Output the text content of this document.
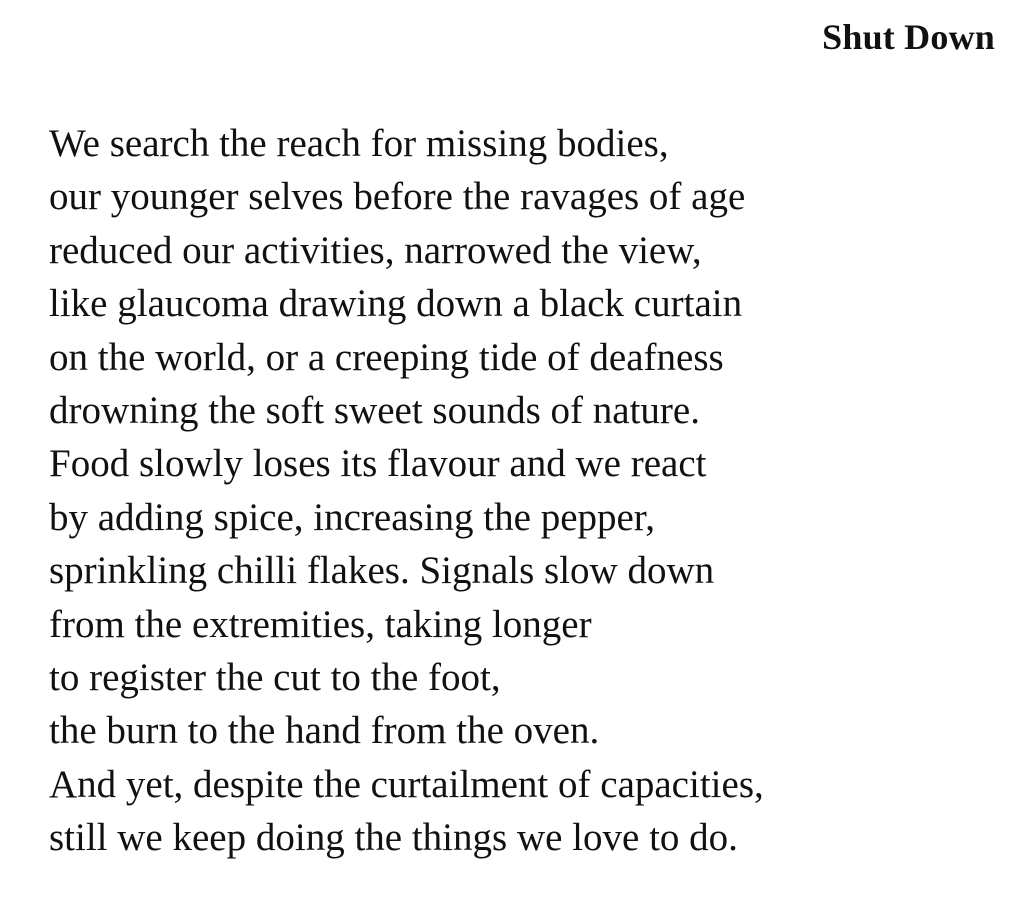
Shut Down
We search the reach for missing bodies,
our younger selves before the ravages of age
reduced our activities, narrowed the view,
like glaucoma drawing down a black curtain
on the world, or a creeping tide of deafness
drowning the soft sweet sounds of nature.
Food slowly loses its flavour and we react
by adding spice, increasing the pepper,
sprinkling chilli flakes. Signals slow down
from the extremities, taking longer
to register the cut to the foot,
the burn to the hand from the oven.
And yet, despite the curtailment of capacities,
still we keep doing the things we love to do.
